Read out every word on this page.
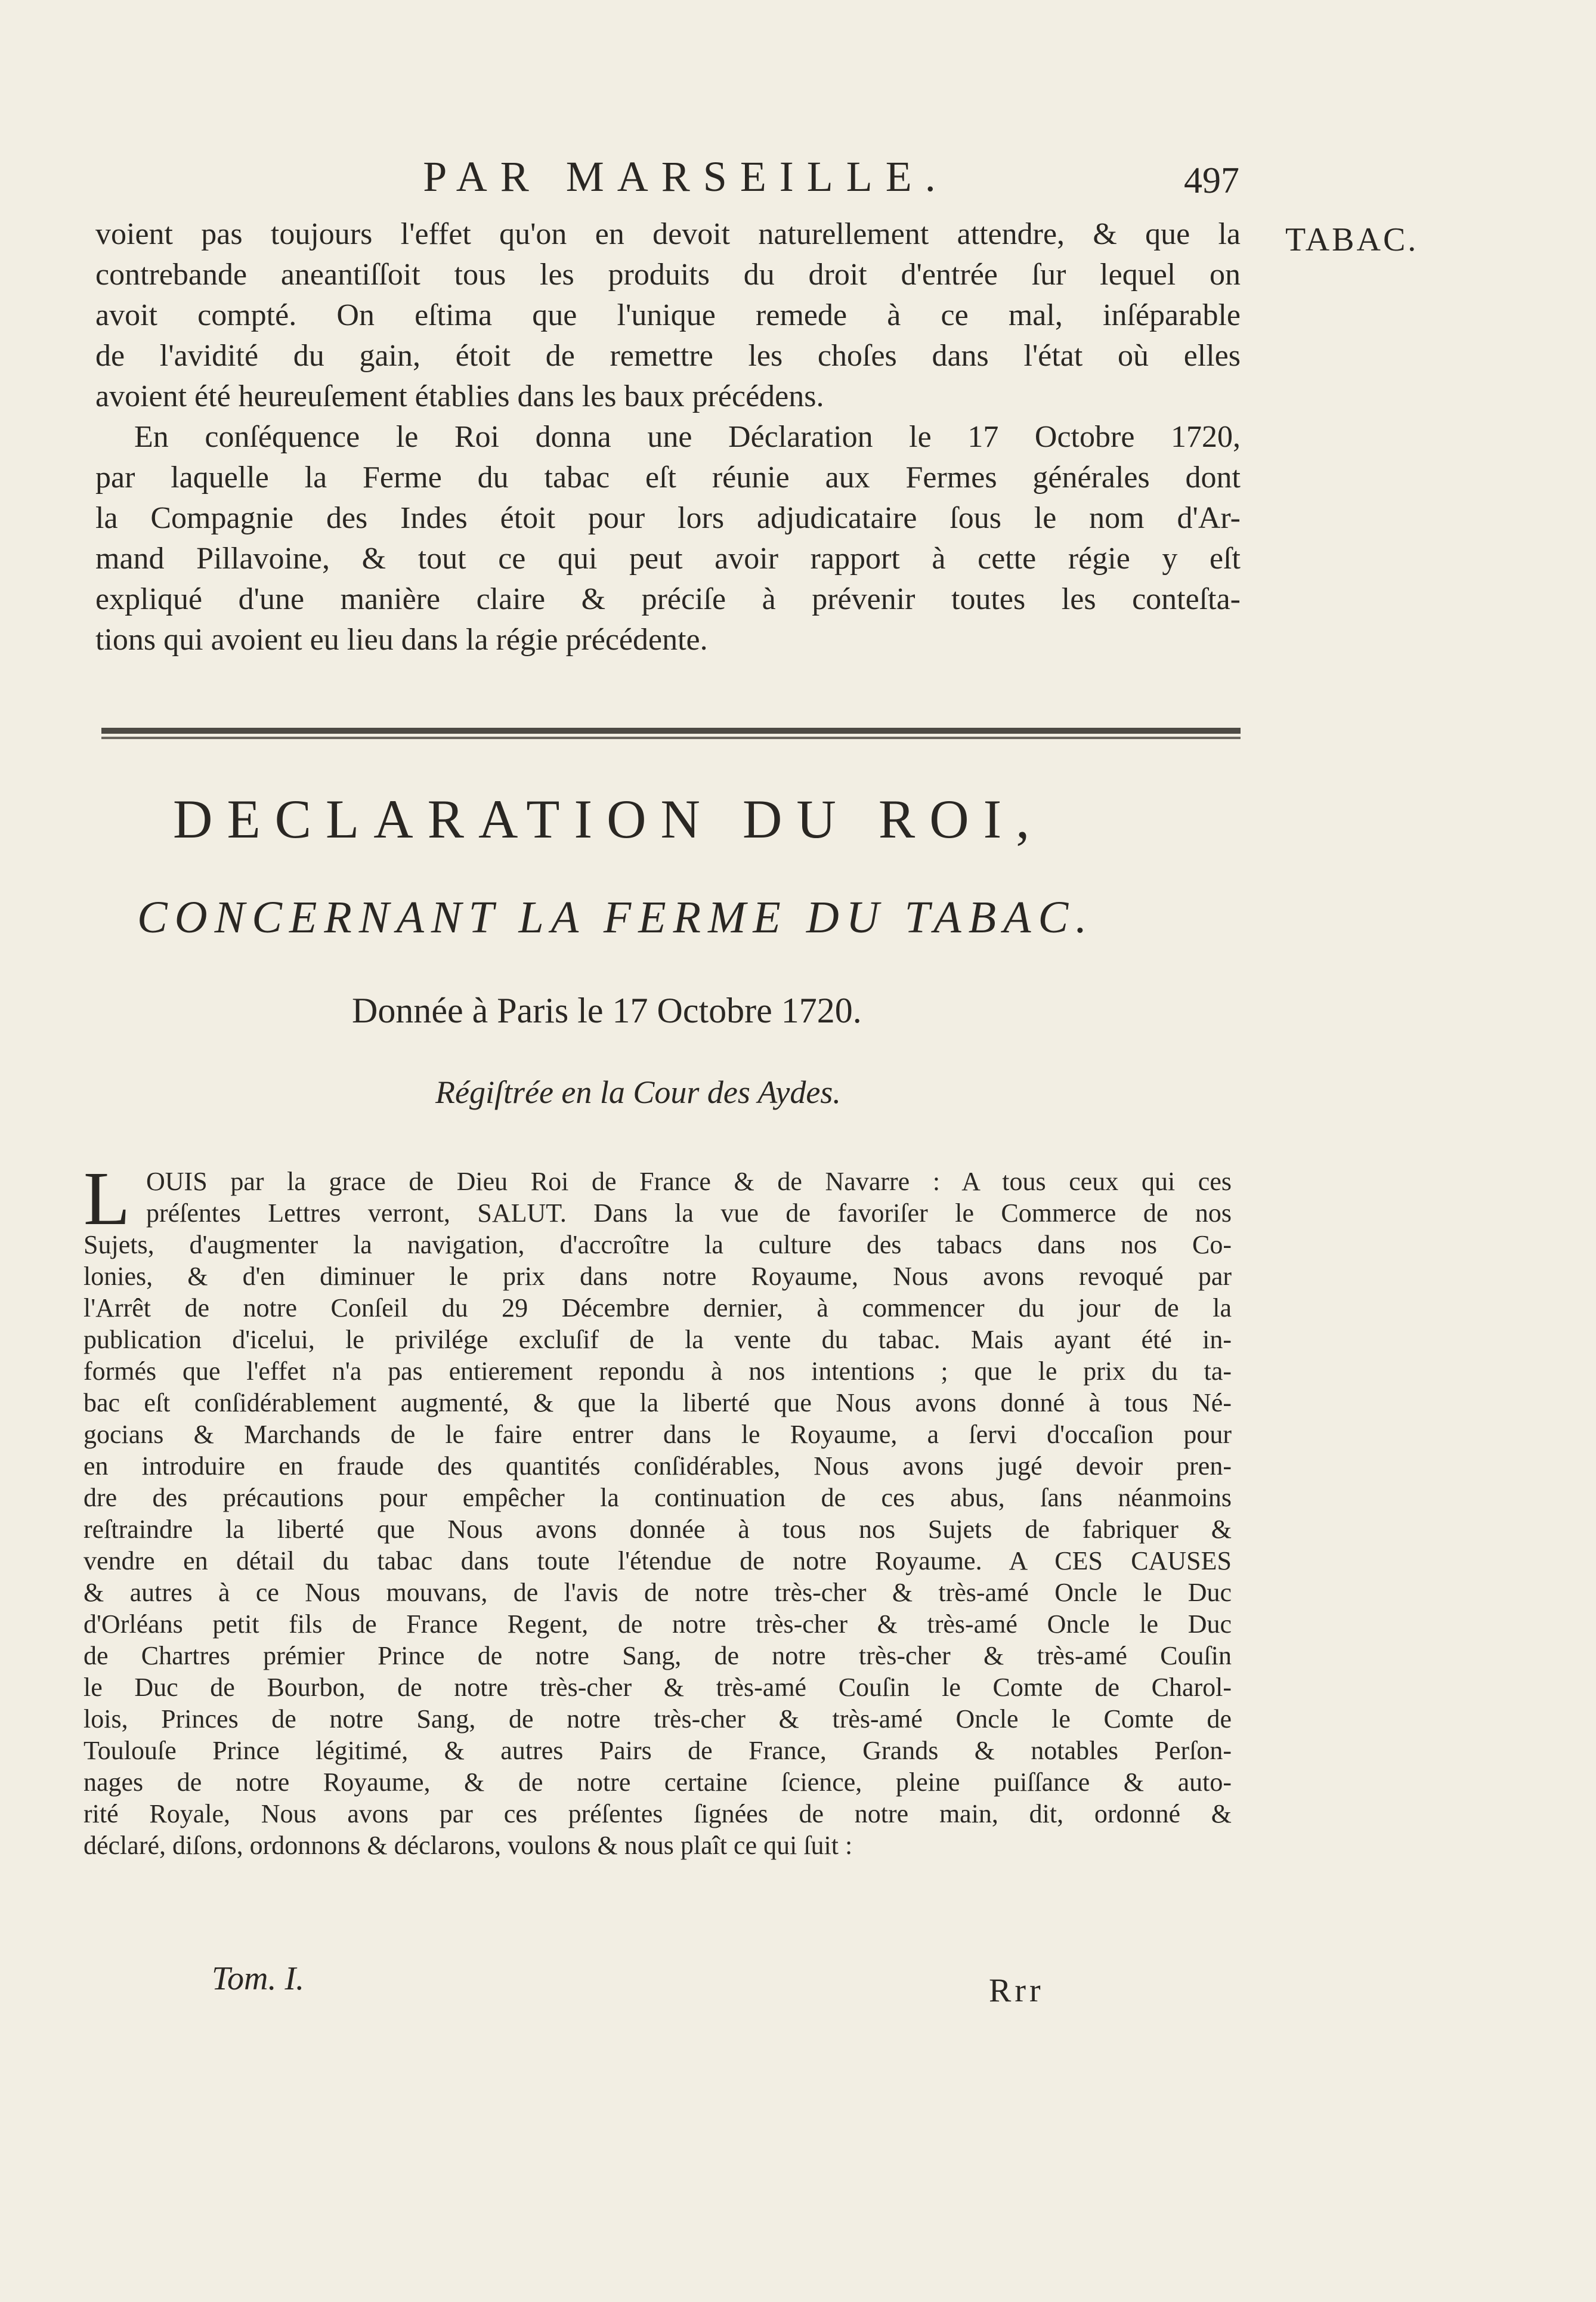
PAR MARSEILLE.	497
TABAC.
voient pas toujours l'effet qu'on en devoit naturellement attendre, & que la
contrebande aneantiſſoit tous les produits du droit d'entrée ſur lequel on
avoit compté. On eſtima que l'unique remede à ce mal, inſéparable
de l'avidité du gain, étoit de remettre les choſes dans l'état où elles
avoient été heureuſement établies dans les baux précédens.
En conſéquence le Roi donna une Déclaration le 17 Octobre 1720,
par laquelle la Ferme du tabac eſt réunie aux Fermes générales dont
la Compagnie des Indes étoit pour lors adjudicataire ſous le nom d'Ar-
mand Pillavoine, & tout ce qui peut avoir rapport à cette régie y eſt
expliqué d'une manière claire & préciſe à prévenir toutes les conteſta-
tions qui avoient eu lieu dans la régie précédente.
DECLARATION DU ROI,
CONCERNANT LA FERME DU TABAC.
Donnée à Paris le 17 Octobre 1720.
Régiſtrée en la Cour des Aydes.
L OUIS par la grace de Dieu Roi de France & de Navarre : A tous ceux qui ces
préſentes Lettres verront, SALUT. Dans la vue de favoriſer le Commerce de nos
Sujets, d'augmenter la navigation, d'accroître la culture des tabacs dans nos Co-
lonies, & d'en diminuer le prix dans notre Royaume, Nous avons revoqué par
l'Arrêt de notre Conſeil du 29 Décembre dernier, à commencer du jour de la
publication d'icelui, le privilége excluſif de la vente du tabac. Mais ayant été in-
formés que l'effet n'a pas entierement repondu à nos intentions ; que le prix du ta-
bac eſt conſidérablement augmenté, & que la liberté que Nous avons donné à tous Né-
gocians & Marchands de le faire entrer dans le Royaume, a ſervi d'occaſion pour
en introduire en fraude des quantités conſidérables, Nous avons jugé devoir pren-
dre des précautions pour empêcher la continuation de ces abus, ſans néanmoins
reſtraindre la liberté que Nous avons donnée à tous nos Sujets de fabriquer &
vendre en détail du tabac dans toute l'étendue de notre Royaume. A CES CAUSES
& autres à ce Nous mouvans, de l'avis de notre très-cher & très-amé Oncle le Duc
d'Orléans petit fils de France Regent, de notre très-cher & très-amé Oncle le Duc
de Chartres prémier Prince de notre Sang, de notre très-cher & très-amé Couſin
le Duc de Bourbon, de notre très-cher & très-amé Couſin le Comte de Charol-
lois, Princes de notre Sang, de notre très-cher & très-amé Oncle le Comte de
Toulouſe Prince légitimé, & autres Pairs de France, Grands & notables Perſon-
nages de notre Royaume, & de notre certaine ſcience, pleine puiſſance & auto-
rité Royale, Nous avons par ces préſentes ſignées de notre main, dit, ordonné &
déclaré, diſons, ordonnons & déclarons, voulons & nous plaît ce qui ſuit :
Tom. I.	Rrr
